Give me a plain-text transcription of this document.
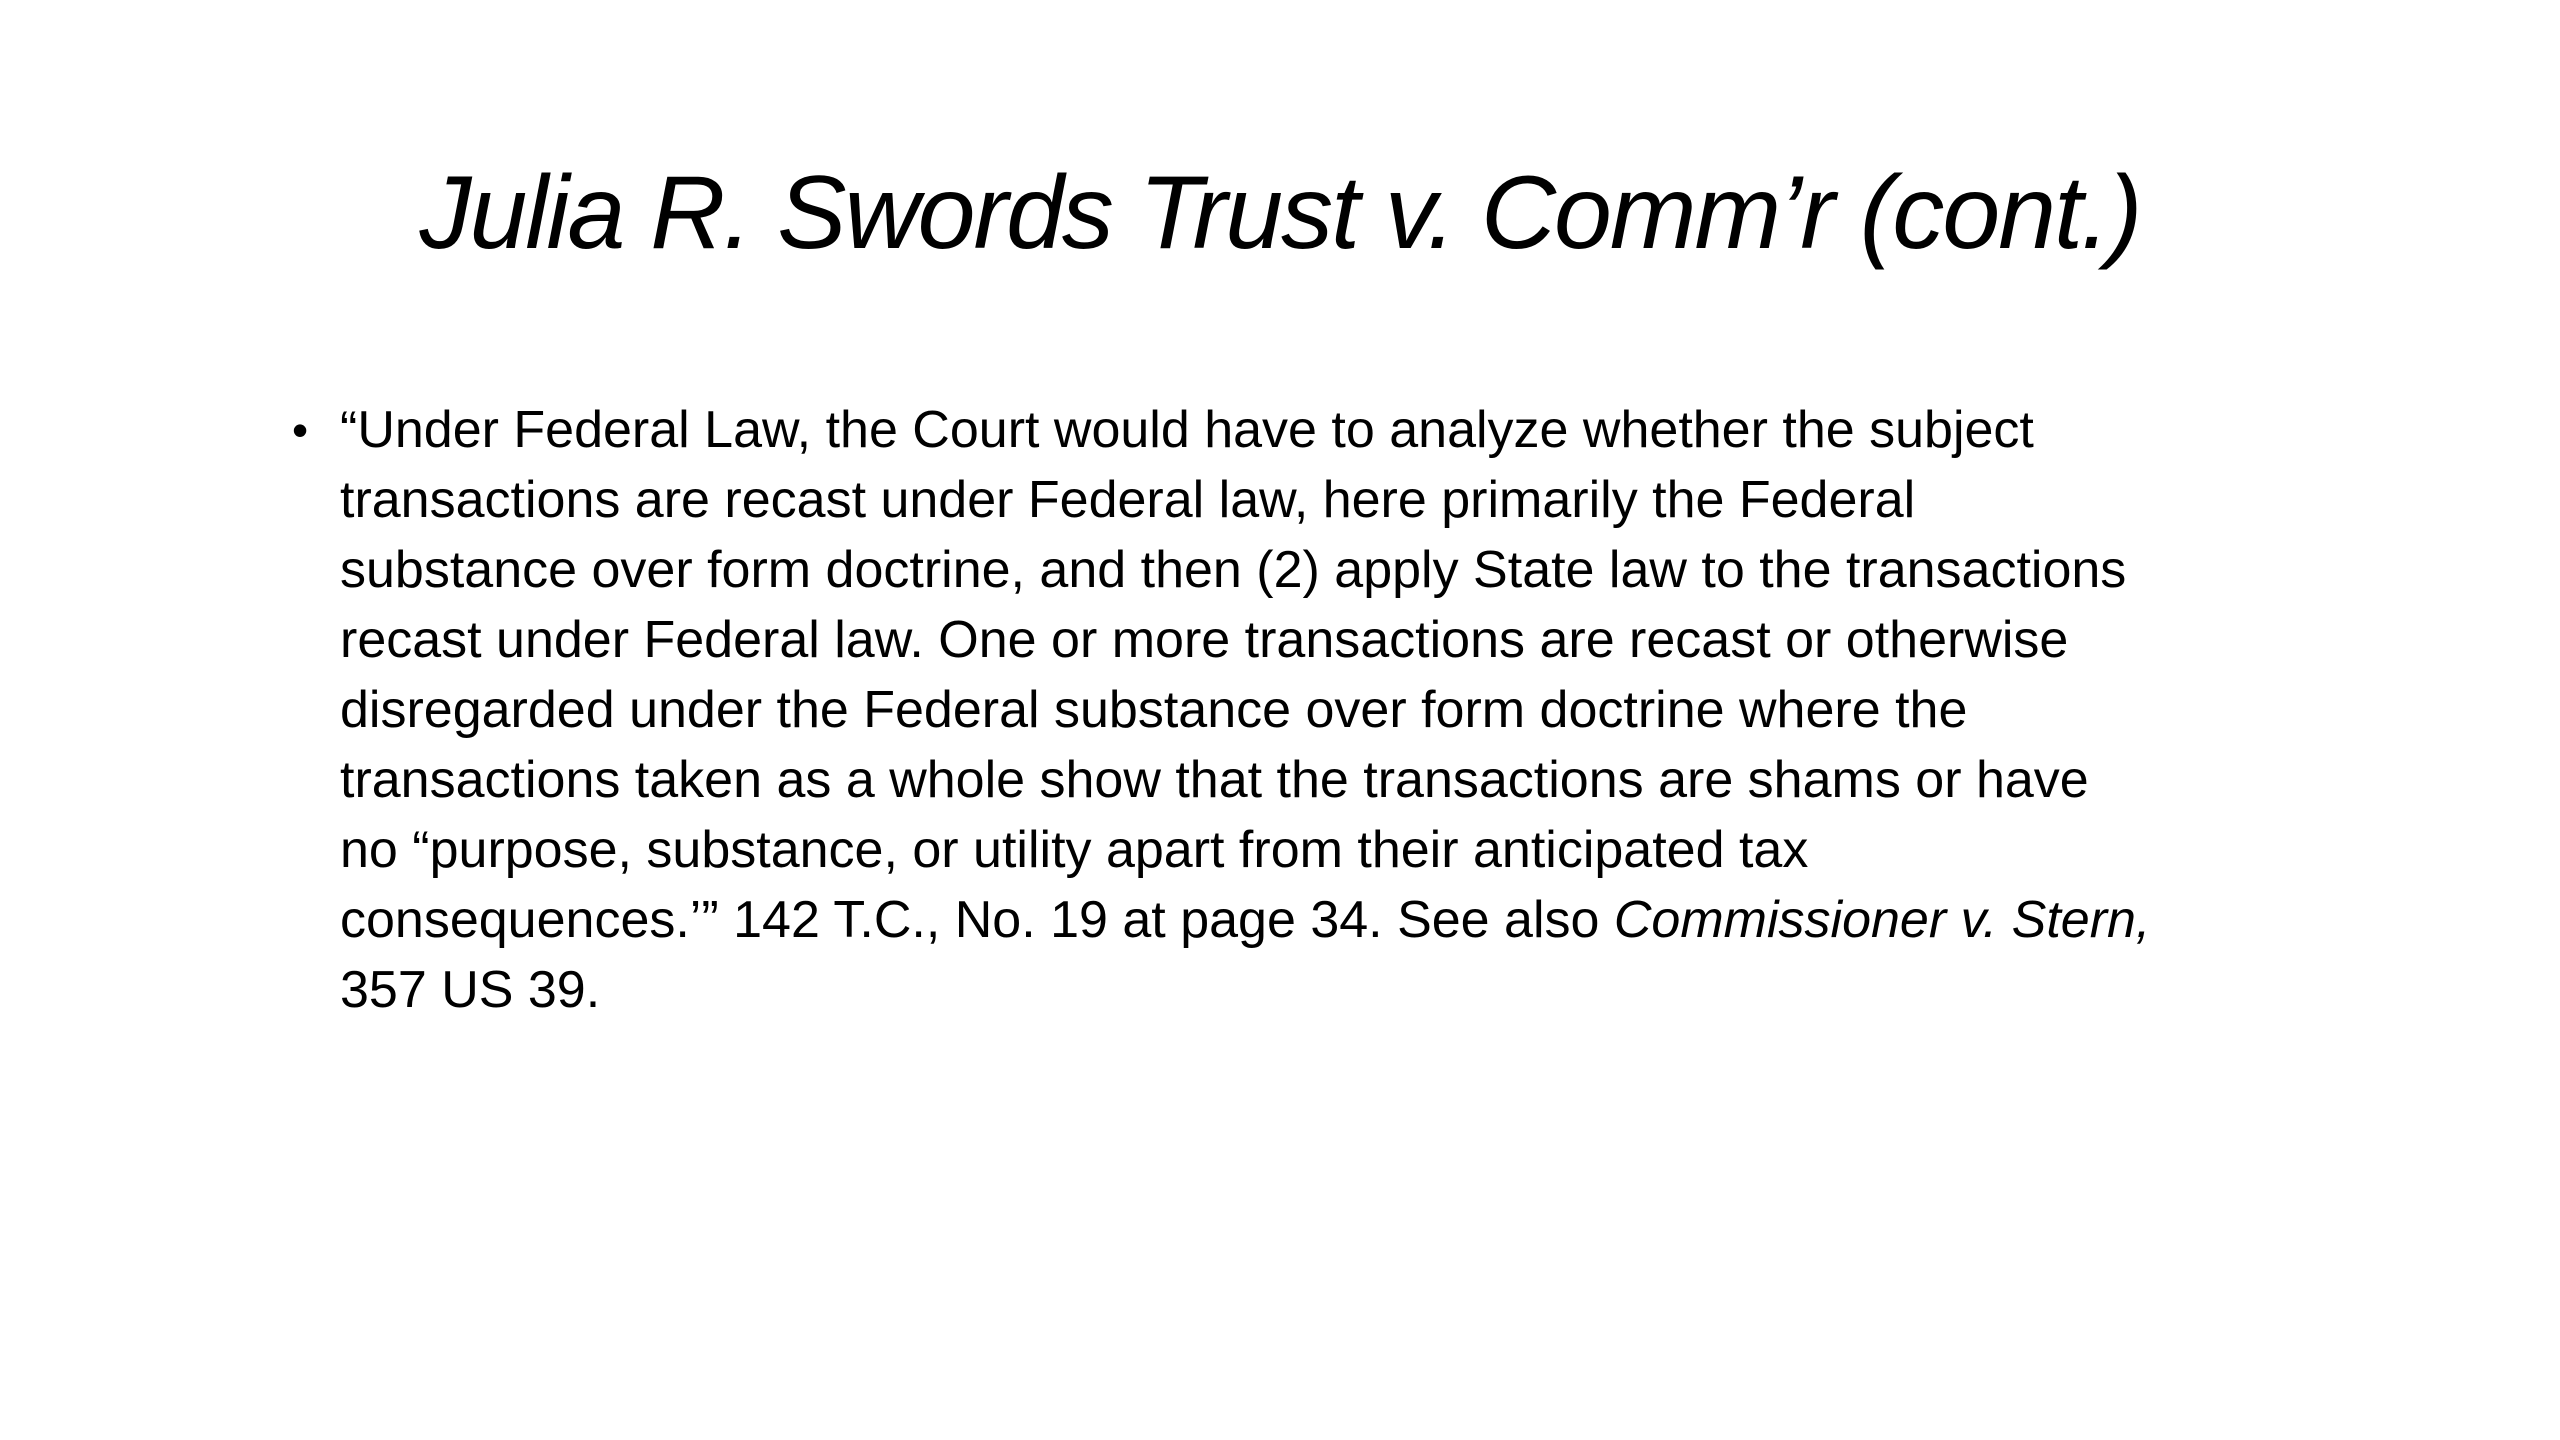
Julia R. Swords Trust v. Comm’r (cont.)
• “Under Federal Law, the Court would have to analyze whether the subject
transactions are recast under Federal law, here primarily the Federal
substance over form doctrine, and then (2) apply State law to the transactions
recast under Federal law. One or more transactions are recast or otherwise
disregarded under the Federal substance over form doctrine where the
transactions taken as a whole show that the transactions are shams or have
no “purpose, substance, or utility apart from their anticipated tax
consequences.’” 142 T.C., No. 19 at page 34. See also Commissioner v. Stern,
357 US 39.
